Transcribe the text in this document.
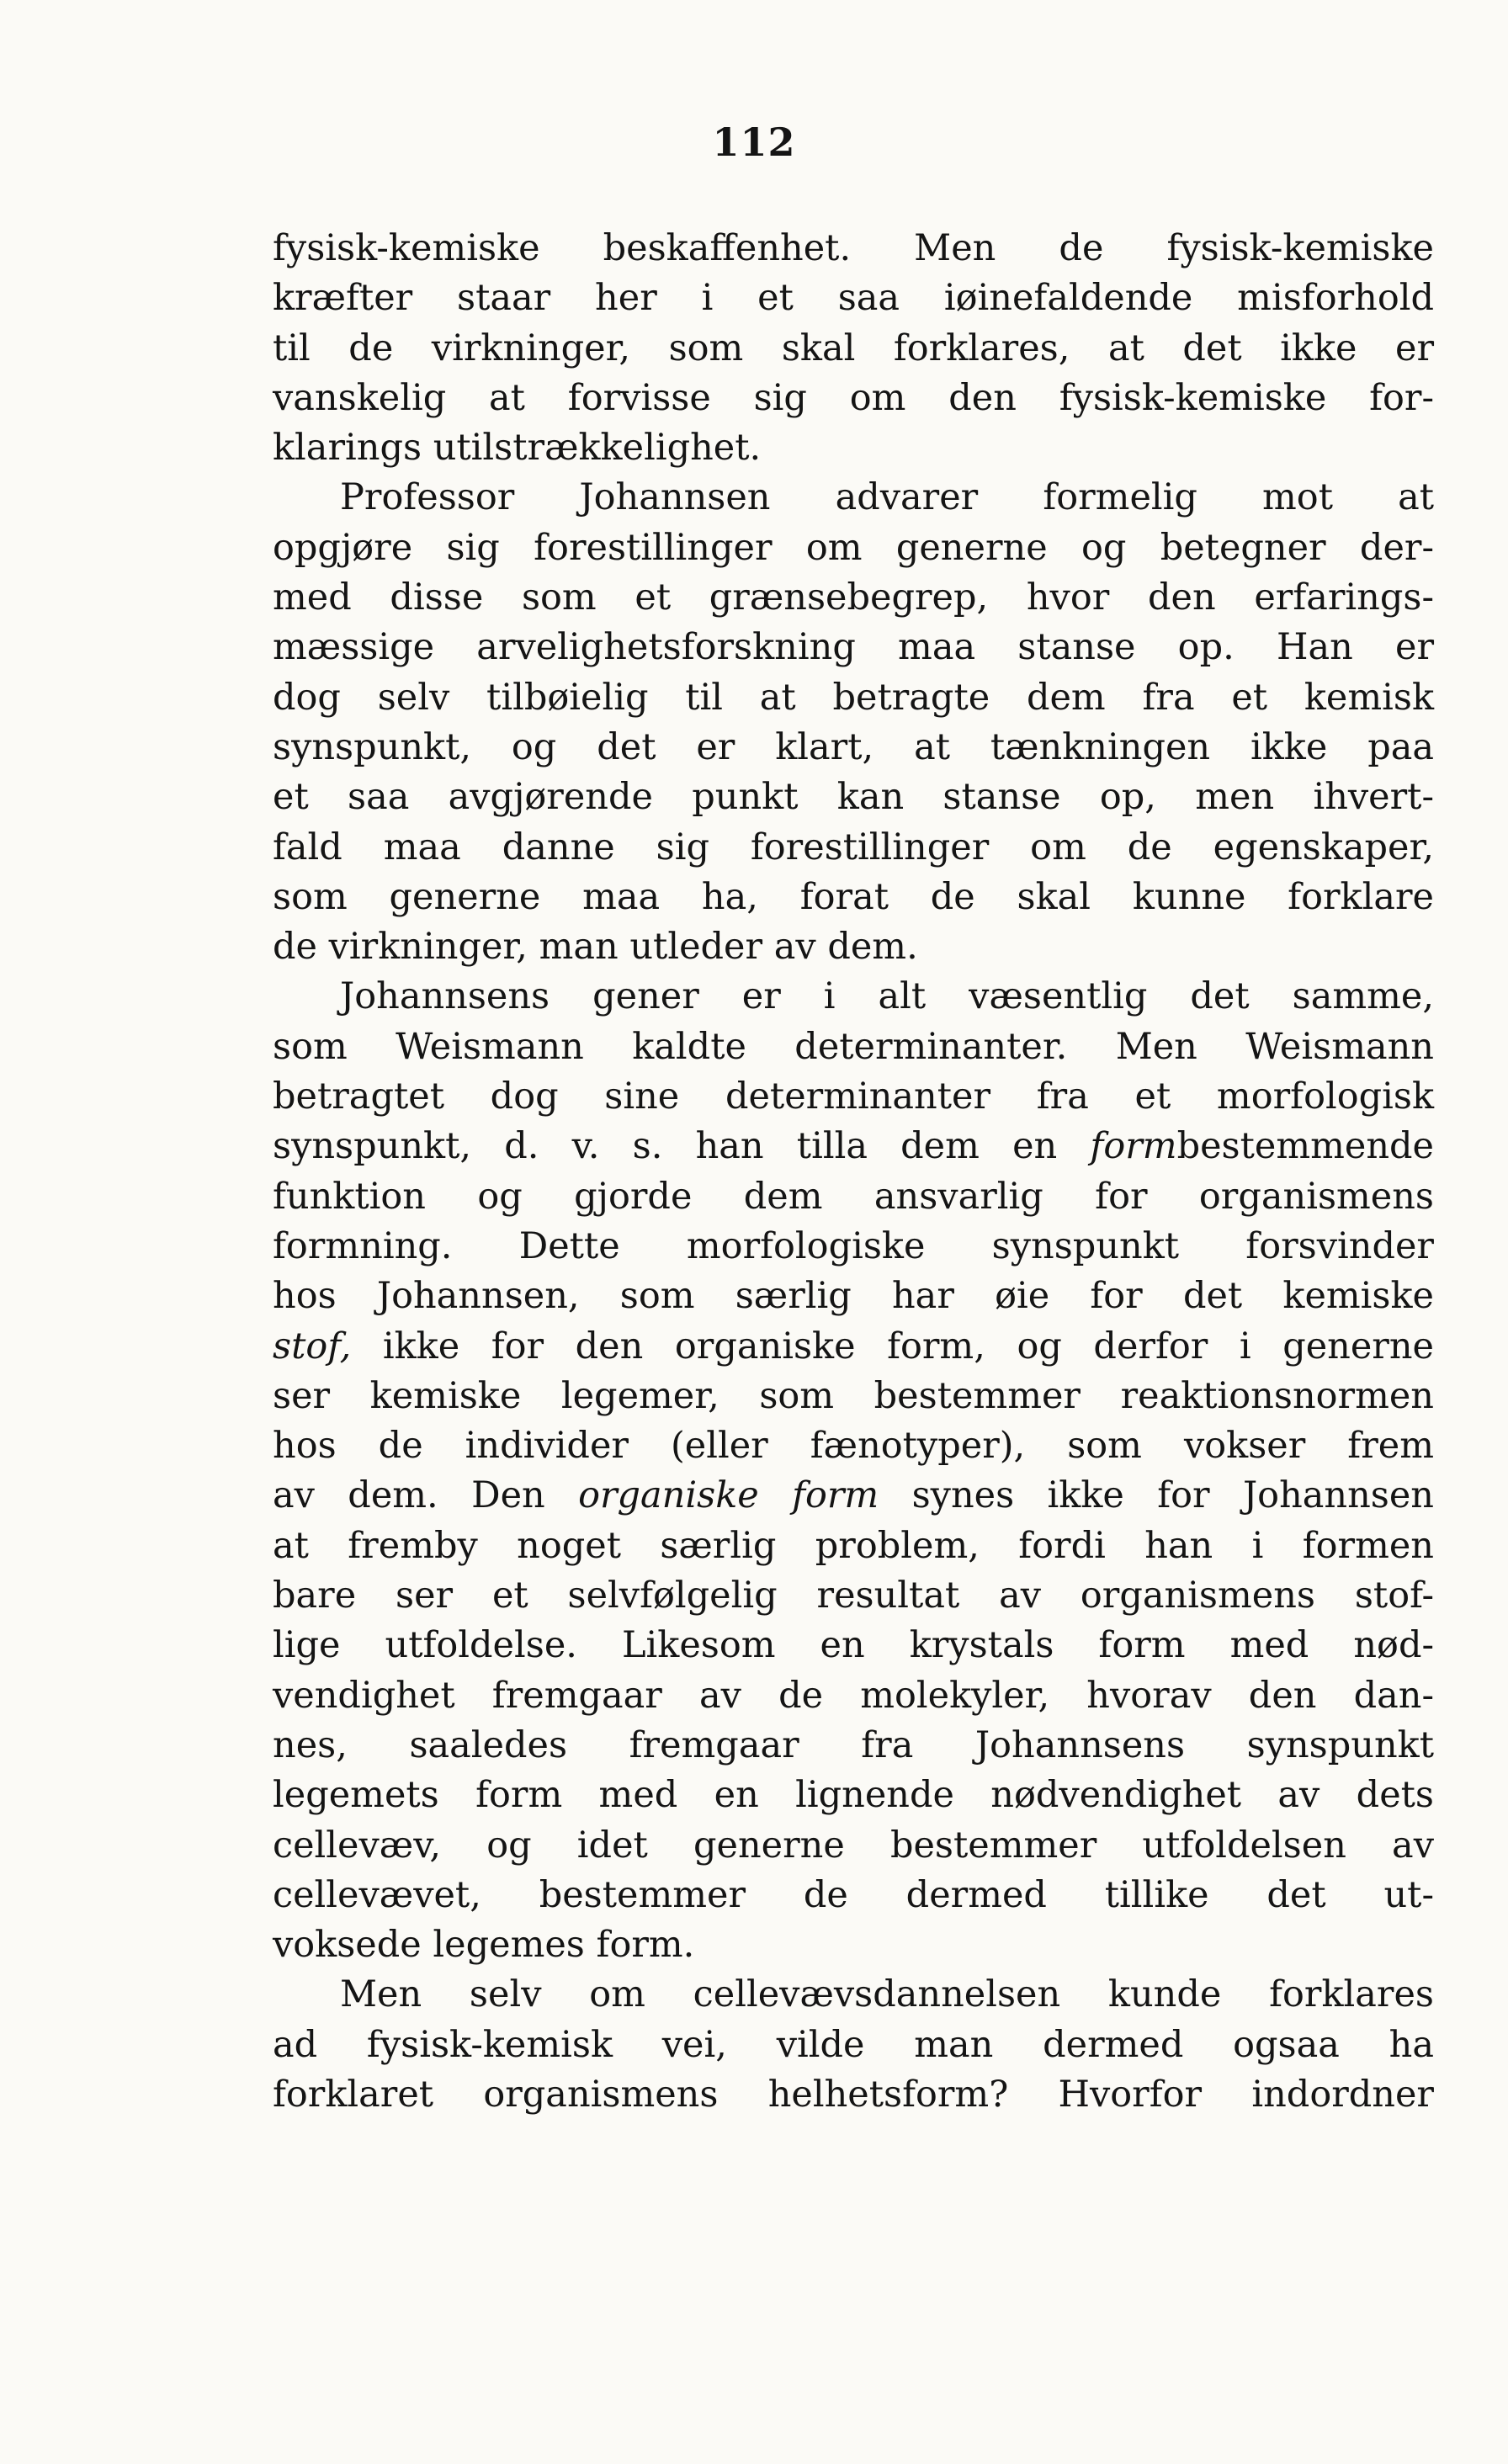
112
fysisk-kemiske beskaffenhet. Men de fysisk-kemiske
kræfter staar her i et saa iøinefaldende misforhold
til de virkninger, som skal forklares, at det ikke er
vanskelig at forvisse sig om den fysisk-kemiske for-
klarings utilstrækkelighet.
Professor Johannsen advarer formelig mot at
opgjøre sig forestillinger om generne og betegner der-
med disse som et grænsebegrep, hvor den erfarings-
mæssige arvelighetsforskning maa stanse op. Han er
dog selv tilbøielig til at betragte dem fra et kemisk
synspunkt, og det er klart, at tænkningen ikke paa
et saa avgjørende punkt kan stanse op, men ihvert-
fald maa danne sig forestillinger om de egenskaper,
som generne maa ha, forat de skal kunne forklare
de virkninger, man utleder av dem.
Johannsens gener er i alt væsentlig det samme,
som Weismann kaldte determinanter. Men Weismann
betragtet dog sine determinanter fra et morfologisk
synspunkt, d. v. s. han tilla dem en formbestemmende
funktion og gjorde dem ansvarlig for organismens
formning. Dette morfologiske synspunkt forsvinder
hos Johannsen, som særlig har øie for det kemiske
stof, ikke for den organiske form, og derfor i generne
ser kemiske legemer, som bestemmer reaktionsnormen
hos de individer (eller fænotyper), som vokser frem
av dem. Den organiske form synes ikke for Johannsen
at fremby noget særlig problem, fordi han i formen
bare ser et selvfølgelig resultat av organismens stof-
lige utfoldelse. Likesom en krystals form med nød-
vendighet fremgaar av de molekyler, hvorav den dan-
nes, saaledes fremgaar fra Johannsens synspunkt
legemets form med en lignende nødvendighet av dets
cellevæv, og idet generne bestemmer utfoldelsen av
cellevævet, bestemmer de dermed tillike det ut-
voksede legemes form.
Men selv om cellevævsdannelsen kunde forklares
ad fysisk-kemisk vei, vilde man dermed ogsaa ha
forklaret organismens helhetsform? Hvorfor indordner
